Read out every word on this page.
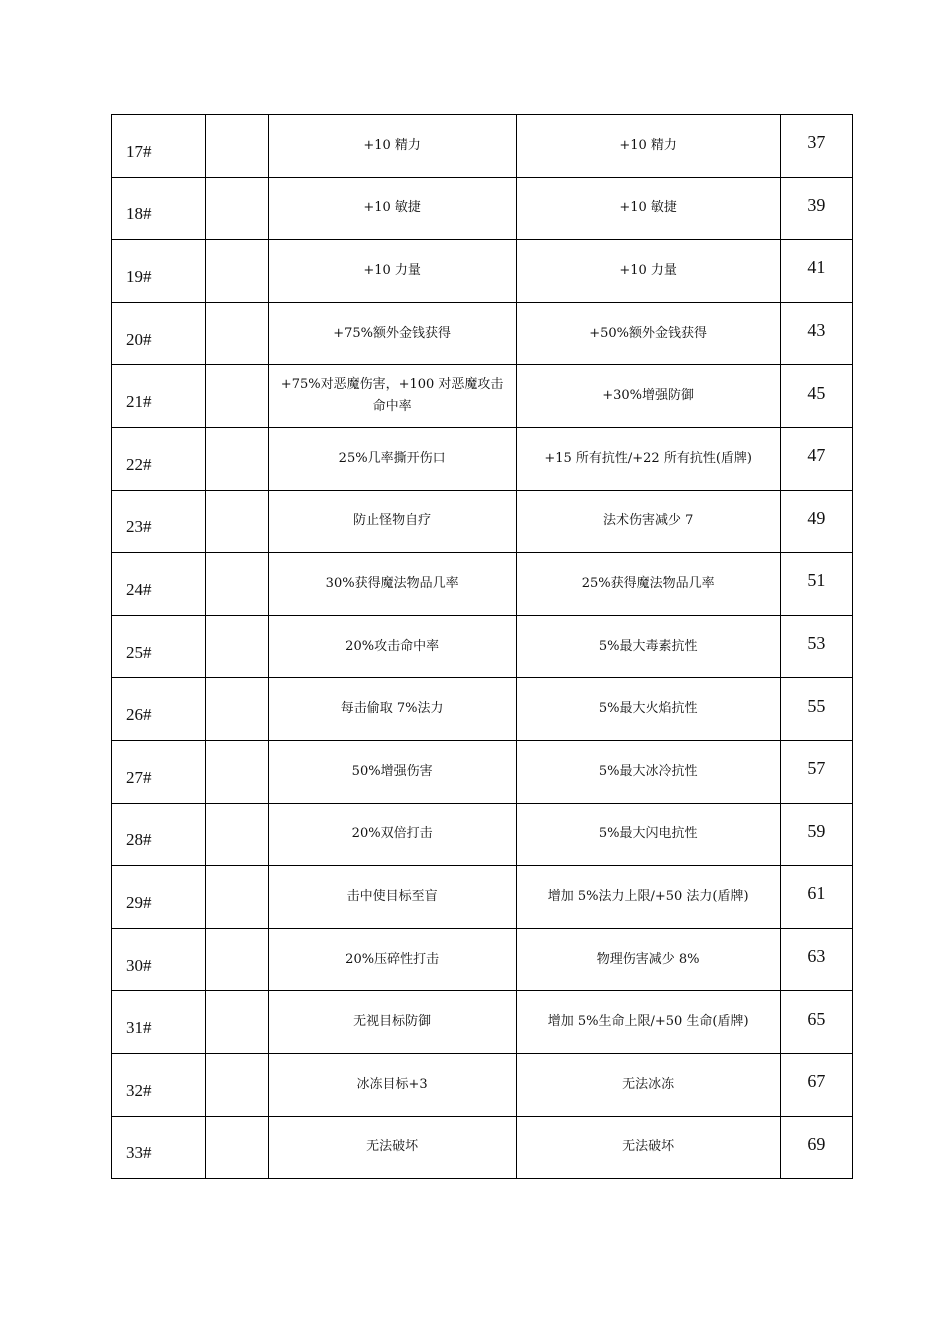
17#		+10 精力	+10 精力	37
18#		+10 敏捷	+10 敏捷	39
19#		+10 力量	+10 力量	41
20#		+75%额外金钱获得	+50%额外金钱获得	43
21#		+75%对恶魔伤害，+100 对恶魔攻击命中率	+30%增强防御	45
22#		25%几率撕开伤口	+15 所有抗性/+22 所有抗性(盾牌)	47
23#		防止怪物自疗	法术伤害减少 7	49
24#		30%获得魔法物品几率	25%获得魔法物品几率	51
25#		20%攻击命中率	5%最大毒素抗性	53
26#		每击偷取 7%法力	5%最大火焰抗性	55
27#		50%增强伤害	5%最大冰冷抗性	57
28#		20%双倍打击	5%最大闪电抗性	59
29#		击中使目标至盲	增加 5%法力上限/+50 法力(盾牌)	61
30#		20%压碎性打击	物理伤害减少 8%	63
31#		无视目标防御	增加 5%生命上限/+50 生命(盾牌)	65
32#		冰冻目标+3	无法冰冻	67
33#		无法破坏	无法破坏	69
